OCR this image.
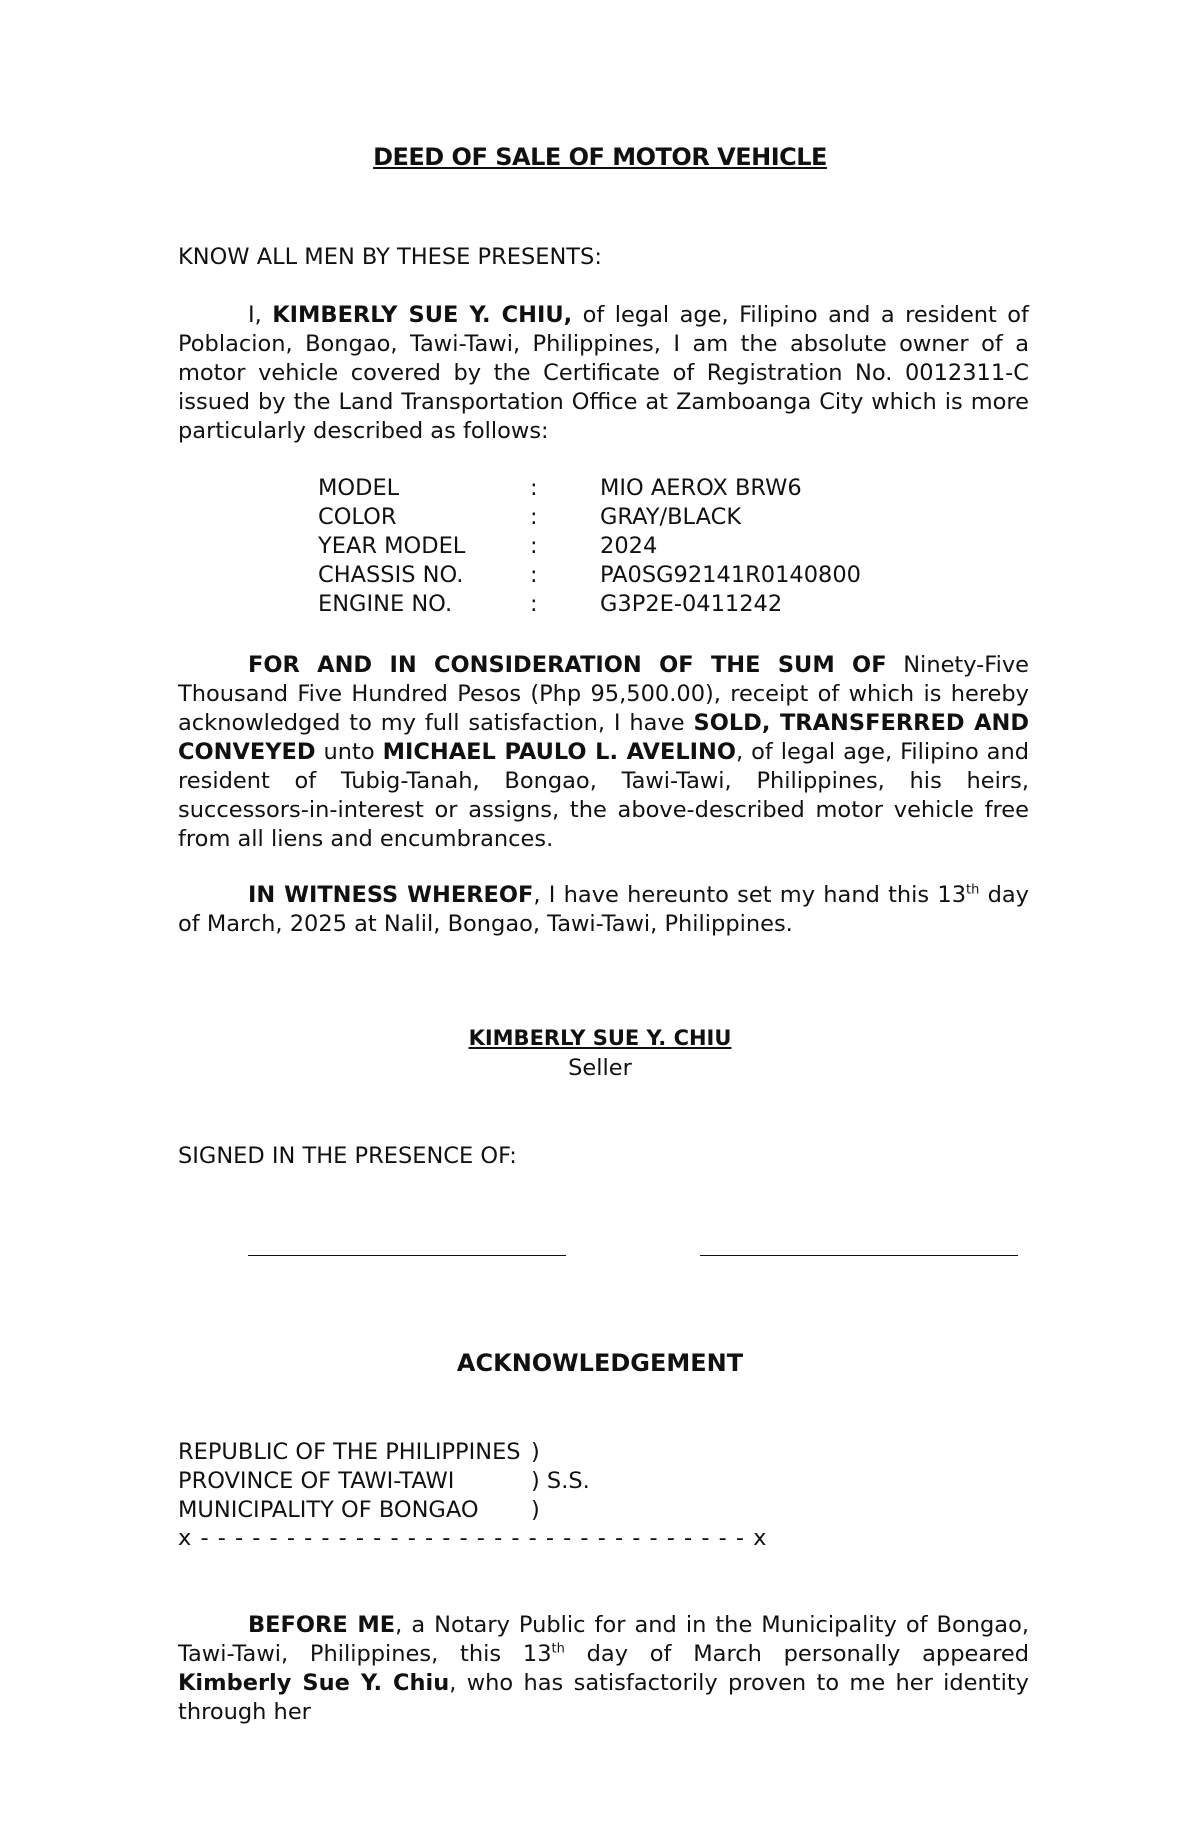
DEED OF SALE OF MOTOR VEHICLE
KNOW ALL MEN BY THESE PRESENTS:
I, KIMBERLY SUE Y. CHIU, of legal age, Filipino and a resident of Poblacion, Bongao, Tawi-Tawi, Philippines, I am the absolute owner of a motor vehicle covered by the Certificate of Registration No. 0012311-C issued by the Land Transportation Office at Zamboanga City which is more particularly described as follows:
MODEL	:	MIO AEROX BRW6
COLOR	:	GRAY/BLACK
YEAR MODEL	:	2024
CHASSIS NO.	:	PA0SG92141R0140800
ENGINE NO.	:	G3P2E-0411242
FOR AND IN CONSIDERATION OF THE SUM OF Ninety-Five Thousand Five Hundred Pesos (Php 95,500.00), receipt of which is hereby acknowledged to my full satisfaction, I have SOLD, TRANSFERRED AND CONVEYED unto MICHAEL PAULO L. AVELINO, of legal age, Filipino and resident of Tubig-Tanah, Bongao, Tawi-Tawi, Philippines, his heirs, successors-in-interest or assigns, the above-described motor vehicle free from all liens and encumbrances.
IN WITNESS WHEREOF, I have hereunto set my hand this 13th day of March, 2025 at Nalil, Bongao, Tawi-Tawi, Philippines.
KIMBERLY SUE Y. CHIU
Seller
SIGNED IN THE PRESENCE OF:
ACKNOWLEDGEMENT
REPUBLIC OF THE PHILIPPINES )
PROVINCE OF TAWI-TAWI	) S.S.
MUNICIPALITY OF BONGAO )
x - - - - - - - - - - - - - - - - - - - - - - - - - - - - - - - - x
BEFORE ME, a Notary Public for and in the Municipality of Bongao, Tawi-Tawi, Philippines, this 13th day of March personally appeared Kimberly Sue Y. Chiu, who has satisfactorily proven to me her identity through her
